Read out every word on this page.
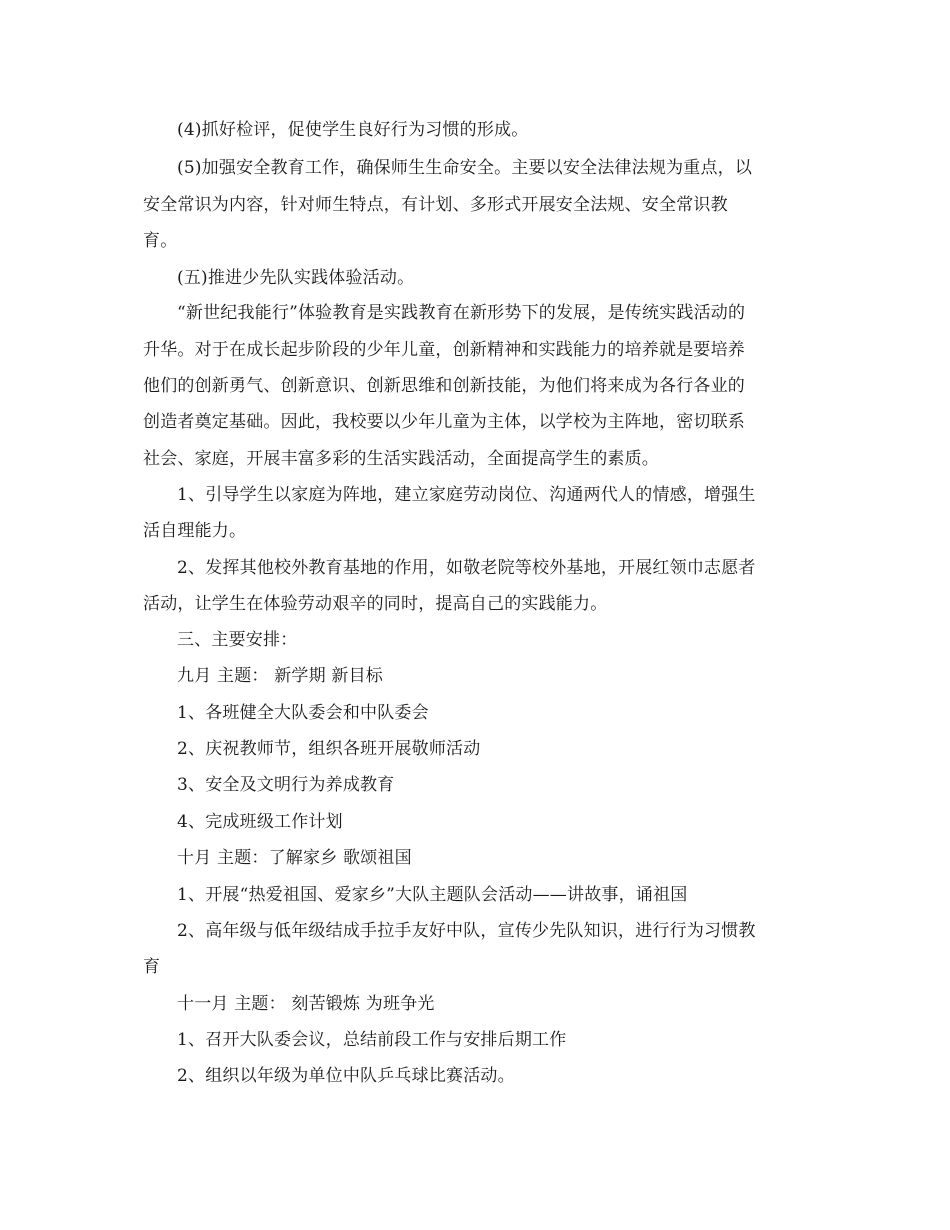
(4)抓好检评，促使学生良好行为习惯的形成。
(5)加强安全教育工作，确保师生生命安全。主要以安全法律法规为重点，以
安全常识为内容，针对师生特点，有计划、多形式开展安全法规、安全常识教
育。
(五)推进少先队实践体验活动。
“新世纪我能行”体验教育是实践教育在新形势下的发展，是传统实践活动的
升华。对于在成长起步阶段的少年儿童，创新精神和实践能力的培养就是要培养
他们的创新勇气、创新意识、创新思维和创新技能，为他们将来成为各行各业的
创造者奠定基础。因此，我校要以少年儿童为主体，以学校为主阵地，密切联系
社会、家庭，开展丰富多彩的生活实践活动，全面提高学生的素质。
1、引导学生以家庭为阵地，建立家庭劳动岗位、沟通两代人的情感，增强生
活自理能力。
2、发挥其他校外教育基地的作用，如敬老院等校外基地，开展红领巾志愿者
活动，让学生在体验劳动艰辛的同时，提高自己的实践能力。
三、主要安排：
九月 主题： 新学期 新目标
1、各班健全大队委会和中队委会
2、庆祝教师节，组织各班开展敬师活动
3、安全及文明行为养成教育
4、完成班级工作计划
十月 主题：了解家乡 歌颂祖国
1、开展“热爱祖国、爱家乡”大队主题队会活动——讲故事，诵祖国
2、高年级与低年级结成手拉手友好中队，宣传少先队知识，进行行为习惯教
育
十一月 主题： 刻苦锻炼 为班争光
1、召开大队委会议，总结前段工作与安排后期工作
2、组织以年级为单位中队乒乓球比赛活动。
